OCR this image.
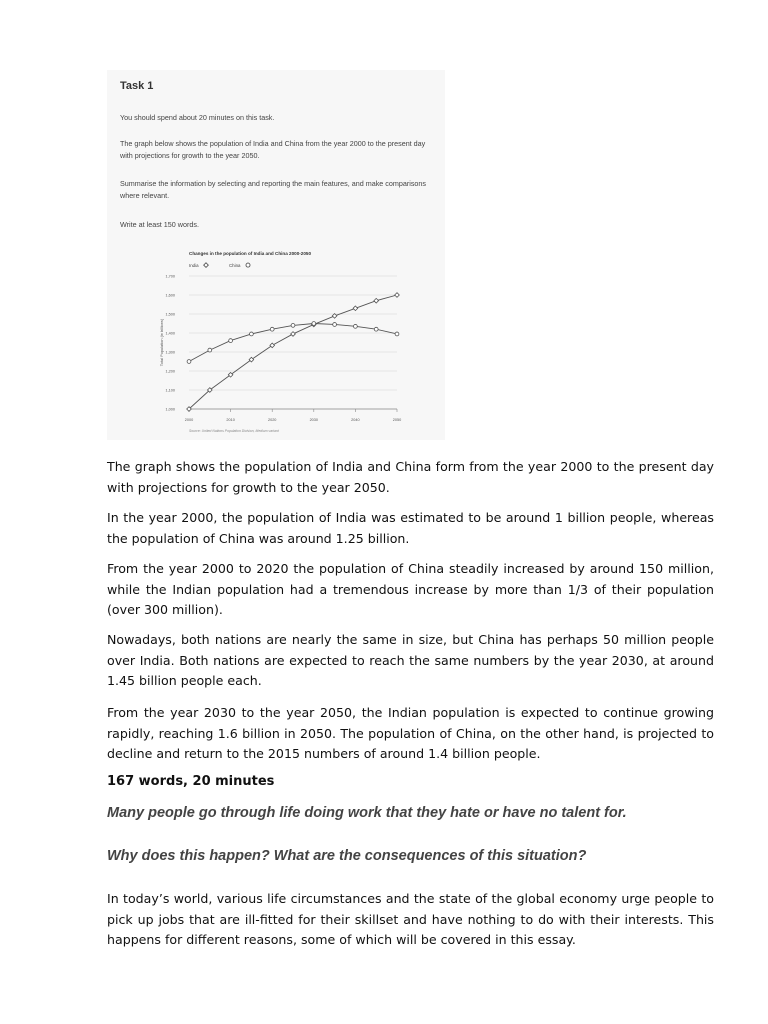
Task 1
You should spend about 20 minutes on this task.
The graph below shows the population of India and China from the year 2000 to the present day with projections for growth to the year 2050.
Summarise the information by selecting and reporting the main features, and make comparisons where relevant.
Write at least 150 words.
Changes in the population of India and China 2000-2050
India	China
1,000
1,100
1,200
1,300
1,400
1,500
1,600
1,700
2000	2010	2020	2030	2040	2050
Total Population (in billions)
Source: United Nations Population Division, Medium variant
The graph shows the population of India and China form from the year 2000 to the present day with projections for growth to the year 2050.
In the year 2000, the population of India was estimated to be around 1 billion people, whereas the population of China was around 1.25 billion.
From the year 2000 to 2020 the population of China steadily increased by around 150 million, while the Indian population had a tremendous increase by more than 1/3 of their population (over 300 million).
Nowadays, both nations are nearly the same in size, but China has perhaps 50 million people over India. Both nations are expected to reach the same numbers by the year 2030, at around 1.45 billion people each.
From the year 2030 to the year 2050, the Indian population is expected to continue growing rapidly, reaching 1.6 billion in 2050. The population of China, on the other hand, is projected to decline and return to the 2015 numbers of around 1.4 billion people.
167 words, 20 minutes
Many people go through life doing work that they hate or have no talent for.
Why does this happen? What are the consequences of this situation?
In today’s world, various life circumstances and the state of the global economy urge people to pick up jobs that are ill-fitted for their skillset and have nothing to do with their interests. This happens for different reasons, some of which will be covered in this essay.
